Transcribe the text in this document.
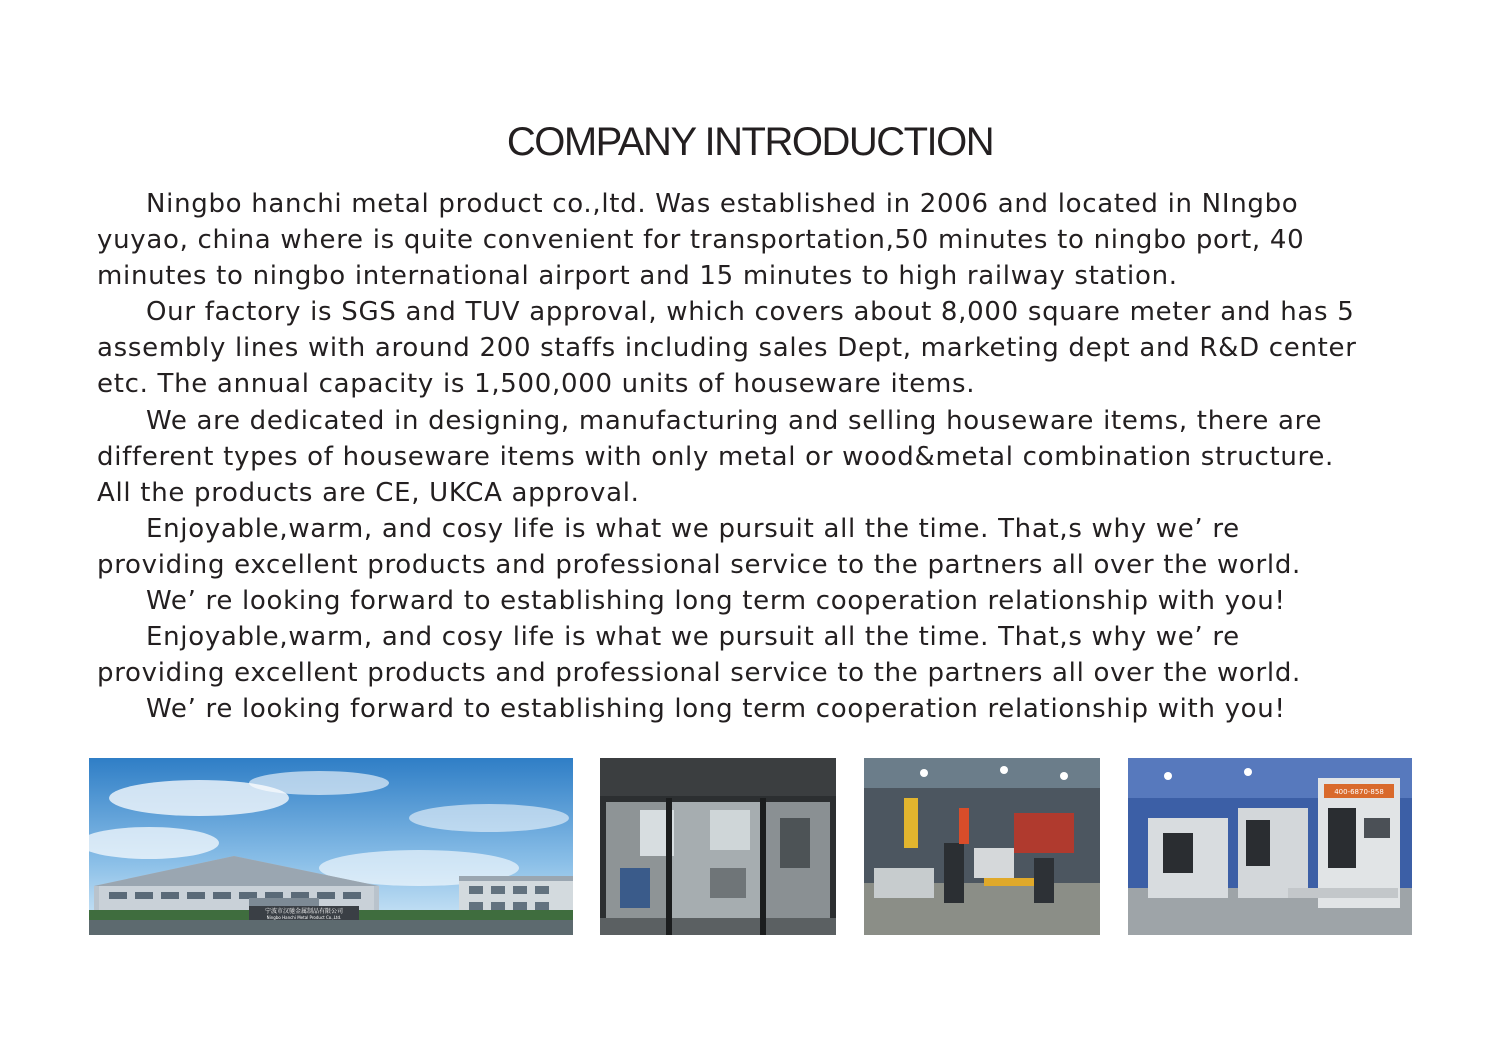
COMPANY INTRODUCTION
Ningbo hanchi metal product co.,ltd. Was established in 2006 and located in NIngbo
yuyao, china where is quite convenient for transportation,50 minutes to ningbo port, 40
minutes to ningbo international airport and 15 minutes to high railway station.
Our factory is SGS and TUV approval, which covers about 8,000 square meter and has 5
assembly lines with around 200 staffs including sales Dept, marketing dept and R&D center
etc. The annual capacity is 1,500,000 units of houseware items.
We are dedicated in designing, manufacturing and selling houseware items, there are
different types of houseware items with only metal or wood&metal combination structure.
All the products are CE, UKCA approval.
Enjoyable,warm, and cosy life is what we pursuit all the time. That,s why we’ re
providing excellent products and professional service to the partners all over the world.
We’ re looking forward to establishing long term cooperation relationship with you!
Enjoyable,warm, and cosy life is what we pursuit all the time. That,s why we’ re
providing excellent products and professional service to the partners all over the world.
We’ re looking forward to establishing long term cooperation relationship with you!
宁波市汉驰金属制品有限公司
Ningbo Hanchi Metal Product Co.,Ltd.
400-6870-858
